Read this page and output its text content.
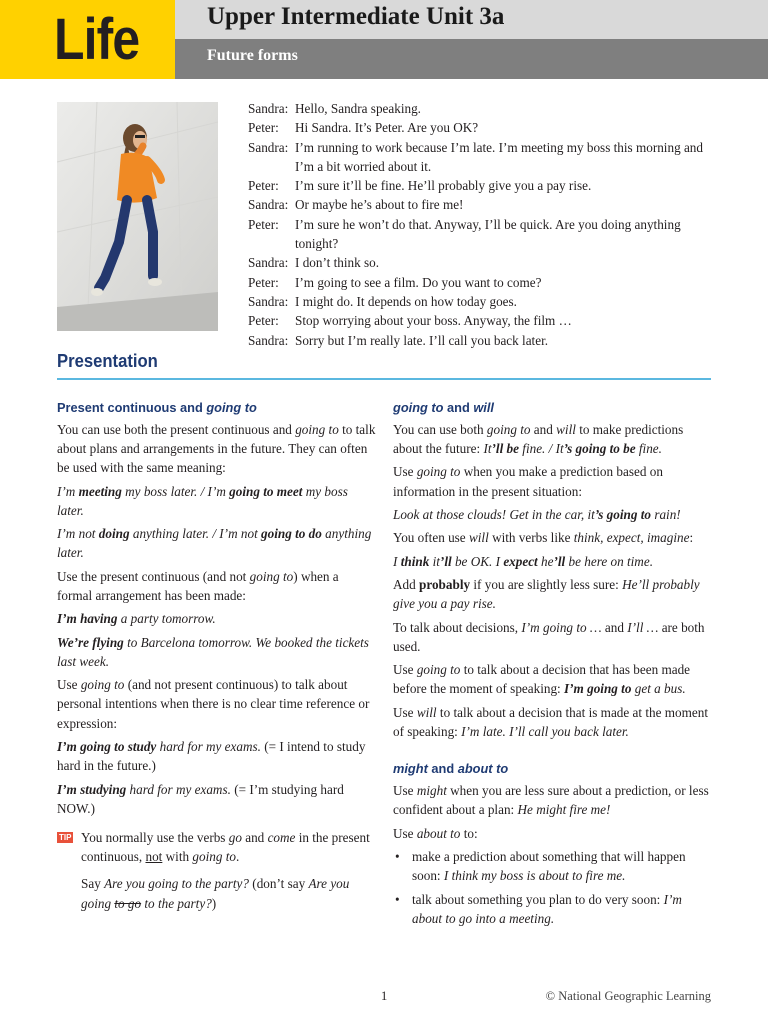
Life	Upper Intermediate Unit 3a
Future forms
Sandra: Hello, Sandra speaking.
Peter:	Hi Sandra. It’s Peter. Are you OK?
Sandra: I’m running to work because I’m late. I’m meeting my boss this morning and I’m a bit worried about it.
Peter:	I’m sure it’ll be fine. He’ll probably give you a pay rise.
Sandra: Or maybe he’s about to fire me!
Peter:	I’m sure he won’t do that. Anyway, I’ll be quick. Are you doing anything tonight?
Sandra: I don’t think so.
Peter:	I’m going to see a film. Do you want to come?
Sandra: I might do. It depends on how today goes.
Peter:	Stop worrying about your boss. Anyway, the film …
Sandra: Sorry but I’m really late. I’ll call you back later.
Presentation
Present continuous and going to

You can use both the present continuous and going to to talk about plans and arrangements in the future. They can often be used with the same meaning:

I’m meeting my boss later. / I’m going to meet my boss later.

I’m not doing anything later. / I’m not going to do anything later.

Use the present continuous (and not going to) when a formal arrangement has been made:

I’m having a party tomorrow.

We’re flying to Barcelona tomorrow. We booked the tickets last week.

Use going to (and not present continuous) to talk about personal intentions when there is no clear time reference or expression:

I’m going to study hard for my exams. (= I intend to study hard in the future.)

I’m studying hard for my exams. (= I’m studying hard NOW.)

TIP You normally use the verbs go and come in the present continuous, not with going to.

Say Are you going to the party? (don’t say Are you going to go to the party?)

going to and will

You can use both going to and will to make predictions about the future: It’ll be fine. / It’s going to be fine.

Use going to when you make a prediction based on information in the present situation:

Look at those clouds! Get in the car, it’s going to rain!

You often use will with verbs like think, expect, imagine:

I think it’ll be OK. I expect he’ll be here on time.

Add probably if you are slightly less sure: He’ll probably give you a pay rise.

To talk about decisions, I’m going to … and I’ll … are both used.

Use going to to talk about a decision that has been made before the moment of speaking: I’m going to get a bus.

Use will to talk about a decision that is made at the moment of speaking: I’m late. I’ll call you back later.

might and about to

Use might when you are less sure about a prediction, or less confident about a plan: He might fire me!

Use about to to:

• make a prediction about something that will happen soon: I think my boss is about to fire me.
• talk about something you plan to do very soon: I’m about to go into a meeting.
1	© National Geographic Learning
